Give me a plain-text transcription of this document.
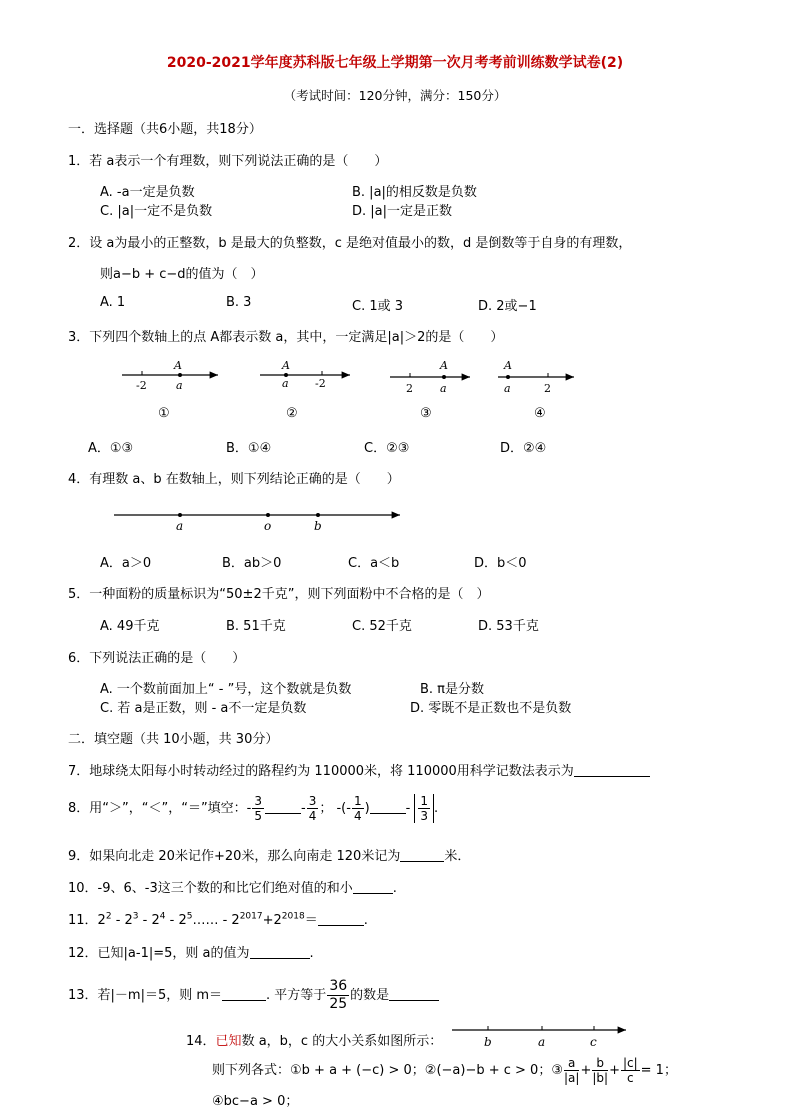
2020-2021学年度苏科版七年级上学期第一次月考考前训练数学试卷(2)
（考试时间：120分钟，满分：150分）
一．选择题（共6小题，共18分）
1．若 a表示一个有理数，则下列说法正确的是（　　）
A. -a一定是负数	B. |a|的相反数是负数
C. |a|一定不是负数	D. |a|一定是正数
2．设 a为最小的正整数，b 是最大的负整数，c 是绝对值最小的数，d 是倒数等于自身的有理数，
则a−b + c−d的值为（　）
A. 1	B. 3	C. 1或 3	D. 2或−1
3．下列四个数轴上的点 A都表示数 a，其中，一定满足|a|＞2的是（　　）
A
-2	a
①
A
a -2
②
A
2 a
③
A
a	2
④
A．①③	B．①④	C．②③	D．②④
4．有理数 a、b 在数轴上，则下列结论正确的是（　　）
a	o	b
A．a＞0	B．ab＞0	C．a＜b	D．b＜0
5．一种面粉的质量标识为“50±2千克”，则下列面粉中不合格的是（　）
A. 49千克	B. 51千克	C. 52千克	D. 53千克
6．下列说法正确的是（　　）
A. 一个数前面加上“ - ”号，这个数就是负数	B. π是分数
C. 若 a是正数，则 - a不一定是负数	D. 零既不是正数也不是负数
二．填空题（共 10小题，共 30分）
7．地球绕太阳每小时转动经过的路程约为 110000米，将 110000用科学记数法表示为
8．用“＞”，“＜”，“＝”填空：- $\frac{3}{5}$	- $\frac{3}{4}$ ； -(- $\frac{1}{4}$ )	- $\frac{1}{3}$ .
9．如果向北走 20米记作+20米，那么向南走 120米记为	米．
10．-9、6、-3这三个数的和比它们绝对值的和小	.
11．$2^2 - 2^3 - 2^4$ - $2^5\dots\dots - 2^{2017}+2^{2018}=$	.
12．已知|a-1|=5，则 a的值为	.
13．若|－m|＝5，则 m＝	. 平方等于 $\frac{36}{25}$ 的数是
14．已知数 a，b，c 的大小关系如图所示：	b	a	c
则下列各式：①b + a + (−c) > 0；②(−a)−b + c > 0；③ $\frac{a}{|a|} + \frac{b}{|b|} + \frac{|c|}{c} = 1$；
④bc−a > 0；
